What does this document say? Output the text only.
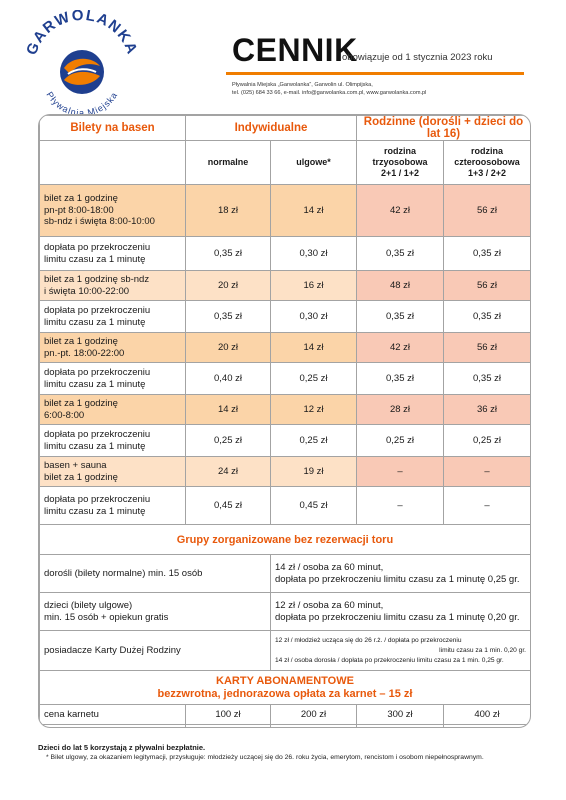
GARWOLANKA
Pływalnia Miejska
CENNIK
obowiązuje od 1 stycznia 2023 roku
Pływalnia Miejska „Garwolanka”, Garwolin ul. Olimpijska,
tel. (025) 684 33 66, e-mail. info@garwolanka.com.pl, www.garwolanka.com.pl
Bilety na basen	Indywidualne		Rodzinne (dorośli + dzieci do lat 16)	
	normalne	ulgowe*	rodzina
trzyosobowa
2+1 / 1+2	rodzina
czteroosobowa
1+3 / 2+2
bilet za 1 godzinę
pn-pt 8:00-18:00
sb-ndz i święta 8:00-10:00	18 zł	14 zł	42 zł	56 zł
dopłata po przekroczeniu
limitu czasu za 1 minutę	0,35 zł	0,30 zł	0,35 zł	0,35 zł
bilet za 1 godzinę sb-ndz
i święta 10:00-22:00	20 zł	16 zł	48 zł	56 zł
dopłata po przekroczeniu
limitu czasu za 1 minutę	0,35 zł	0,30 zł	0,35 zł	0,35 zł
bilet za 1 godzinę
pn.-pt. 18:00-22:00	20 zł	14 zł	42 zł	56 zł
dopłata po przekroczeniu
limitu czasu za 1 minutę	0,40 zł	0,25 zł	0,35 zł	0,35 zł
bilet za 1 godzinę
6:00-8:00	14 zł	12 zł	28 zł	36 zł
dopłata po przekroczeniu
limitu czasu za 1 minutę	0,25 zł	0,25 zł	0,25 zł	0,25 zł
basen + sauna
bilet za 1 godzinę	24 zł	19 zł	–	–
dopłata po przekroczeniu
limitu czasu za 1 minutę	0,45 zł	0,45 zł	–	–
Grupy zorganizowane bez rezerwacji toru				
dorośli (bilety normalne) min. 15 osób		14 zł / osoba za 60 minut,
dopłata po przekroczeniu limitu czasu za 1 minutę 0,25 gr.		
dzieci (bilety ulgowe)
min. 15 osób + opiekun gratis		12 zł / osoba za 60 minut,
dopłata po przekroczeniu limitu czasu za 1 minutę 0,20 gr.		
posiadacze Karty Dużej Rodziny		12 zł / młodzież ucząca się do 26 r.ż. / dopłata po przekroczeniu
limitu czasu za 1 min. 0,20 gr.
14 zł / osoba dorosła / dopłata po przekroczeniu limitu czasu za 1 min. 0,25 gr.		

KARTY ABONAMENTOWE
bezzwrotna, jednorazowa opłata za karnet – 15 zł				

cena karnetu	100 zł	200 zł	300 zł	400 zł

Dzieci do lat 5 korzystają z pływalni bezpłatnie.
* Bilet ulgowy, za okazaniem legitymacji, przysługuje: młodzieży uczącej się do 26. roku życia, emerytom, rencistom i osobom niepełnosprawnym.
